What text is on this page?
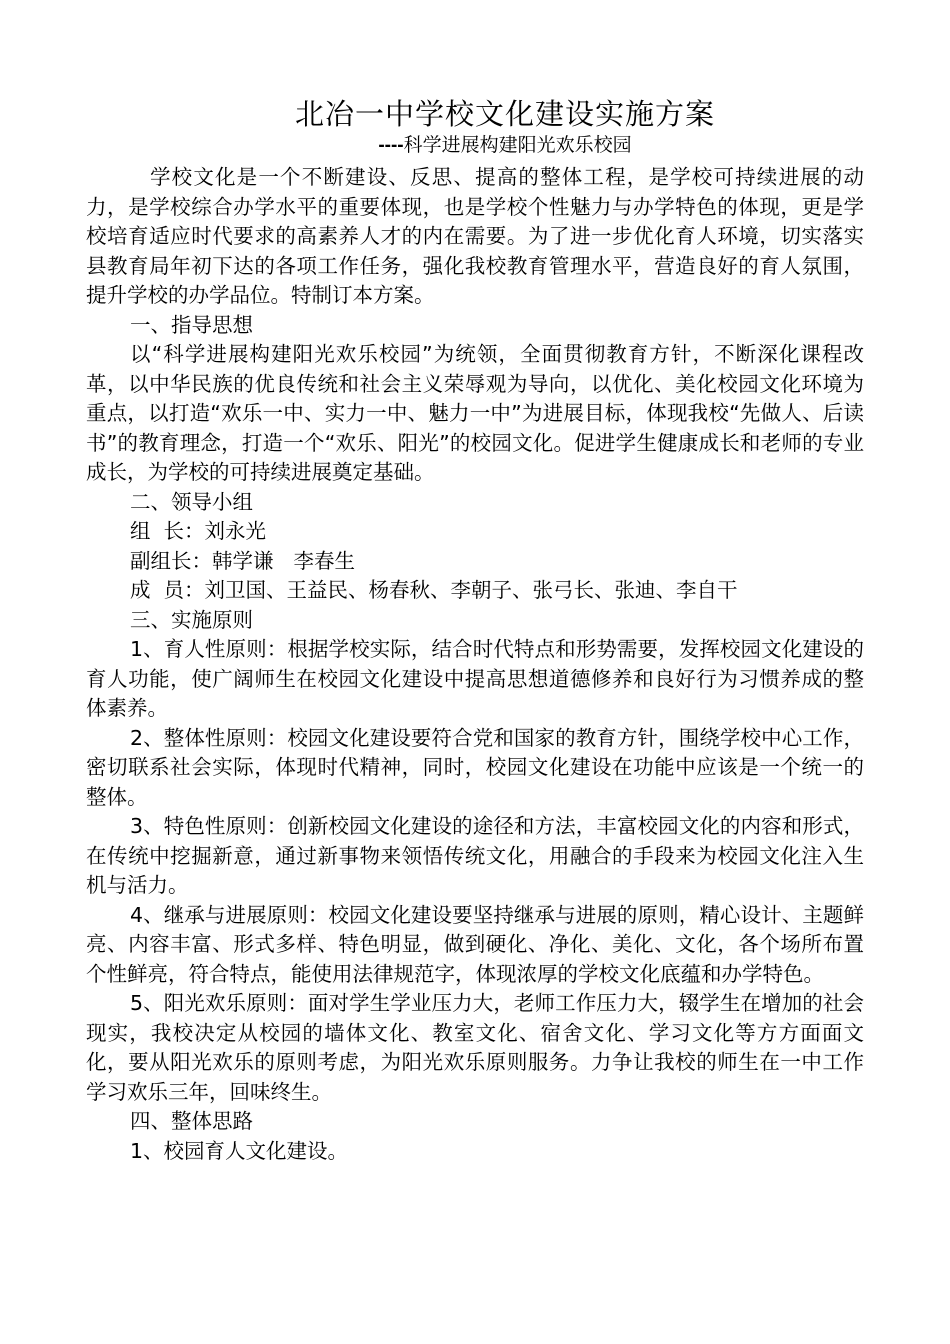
北冶一中学校文化建设实施方案
----科学进展构建阳光欢乐校园

学校文化是一个不断建设、反思、提高的整体工程，是学校可持续进展的动力，是学校综合办学水平的重要体现，也是学校个性魅力与办学特色的体现，更是学校培育适应时代要求的高素养人才的内在需要。为了进一步优化育人环境，切实落实县教育局年初下达的各项工作任务，强化我校教育管理水平，营造良好的育人氛围，提升学校的办学品位。特制订本方案。

一、指导思想

以“科学进展构建阳光欢乐校园”为统领，全面贯彻教育方针，不断深化课程改革，以中华民族的优良传统和社会主义荣辱观为导向，以优化、美化校园文化环境为重点，以打造“欢乐一中、实力一中、魅力一中”为进展目标，体现我校“先做人、后读书”的教育理念，打造一个“欢乐、阳光”的校园文化。促进学生健康成长和老师的专业成长，为学校的可持续进展奠定基础。

二、领导小组

组  长：刘永光

副组长：韩学谦 李春生

成  员：刘卫国、王益民、杨春秋、李朝子、张弓长、张迪、李自干

三、实施原则

1、育人性原则：根据学校实际，结合时代特点和形势需要，发挥校园文化建设的育人功能，使广阔师生在校园文化建设中提高思想道德修养和良好行为习惯养成的整体素养。

2、整体性原则：校园文化建设要符合党和国家的教育方针，围绕学校中心工作，密切联系社会实际，体现时代精神，同时，校园文化建设在功能中应该是一个统一的整体。

3、特色性原则：创新校园文化建设的途径和方法，丰富校园文化的内容和形式，在传统中挖掘新意，通过新事物来领悟传统文化，用融合的手段来为校园文化注入生机与活力。

4、继承与进展原则：校园文化建设要坚持继承与进展的原则，精心设计、主题鲜亮、内容丰富、形式多样、特色明显，做到硬化、净化、美化、文化，各个场所布置个性鲜亮，符合特点，能使用法律规范字，体现浓厚的学校文化底蕴和办学特色。

5、阳光欢乐原则：面对学生学业压力大，老师工作压力大，辍学生在增加的社会现实，我校决定从校园的墙体文化、教室文化、宿舍文化、学习文化等方方面面文化，要从阳光欢乐的原则考虑，为阳光欢乐原则服务。力争让我校的师生在一中工作学习欢乐三年，回味终生。

四、整体思路

1、校园育人文化建设。
